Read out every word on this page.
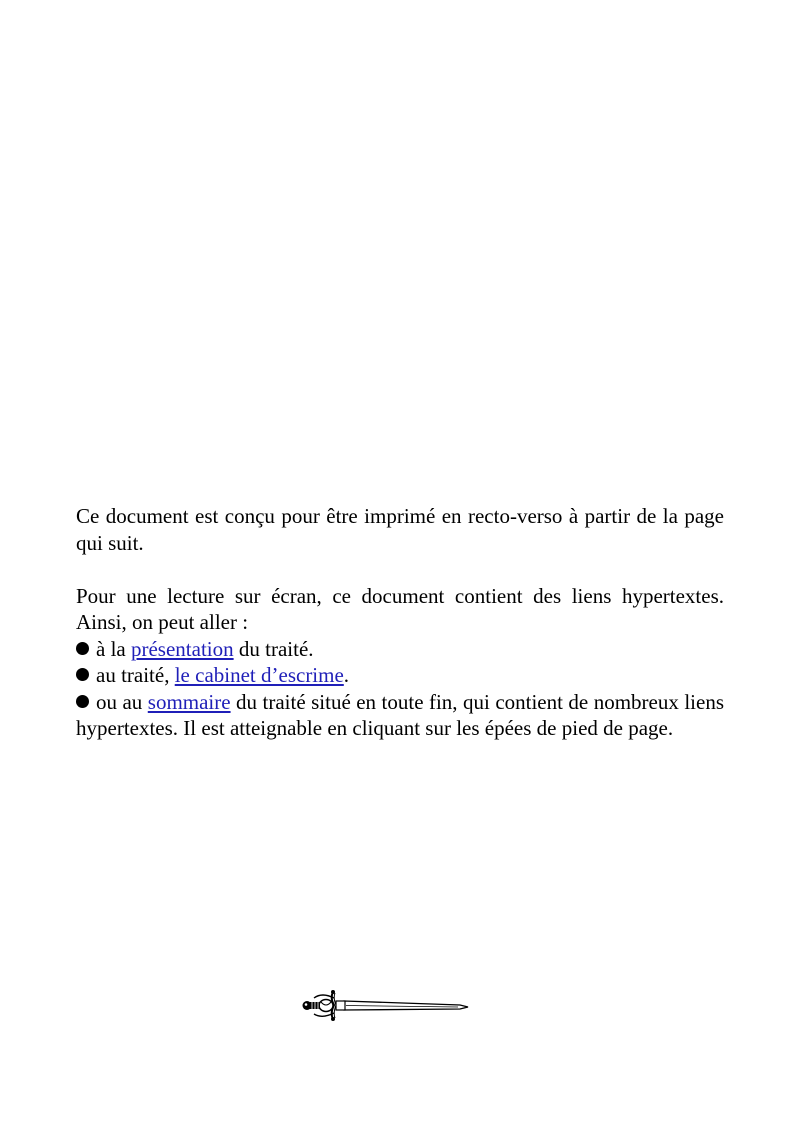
Ce document est conçu pour être imprimé en recto-verso à partir de la page qui suit.

Pour une lecture sur écran, ce document contient des liens hypertextes. Ainsi, on peut aller :

à la présentation du traité.

au traité, le cabinet d’escrime.

ou au sommaire du traité situé en toute fin, qui contient de nombreux liens hypertextes. Il est atteignable en cliquant sur les épées de pied de page.
